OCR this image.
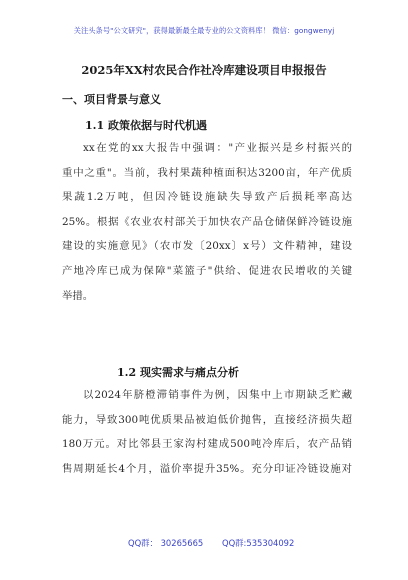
关注头条号"公文研究"，获得最新最全最专业的公文资料库！ 微信：gongwenyj
2025年XX村农民合作社冷库建设项目申报报告
一、项目背景与意义
1.1 政策依据与时代机遇
xx在党的xx大报告中强调："产业振兴是乡村振兴的
重中之重"。当前，我村果蔬种植面积达3200亩，年产优质
果蔬1.2万吨，但因冷链设施缺失导致产后损耗率高达
25%。根据《农业农村部关于加快农产品仓储保鲜冷链设施
建设的实施意见》（农市发〔20xx〕x号）文件精神，建设
产地冷库已成为保障"菜篮子"供给、促进农民增收的关键
举措。
1.2 现实需求与痛点分析
以2024年脐橙滞销事件为例，因集中上市期缺乏贮藏
能力，导致300吨优质果品被迫低价抛售，直接经济损失超
180万元。对比邻县王家沟村建成500吨冷库后，农产品销
售周期延长4个月，溢价率提升35%。充分印证冷链设施对
QQ群： 30265665 QQ群:535304092
